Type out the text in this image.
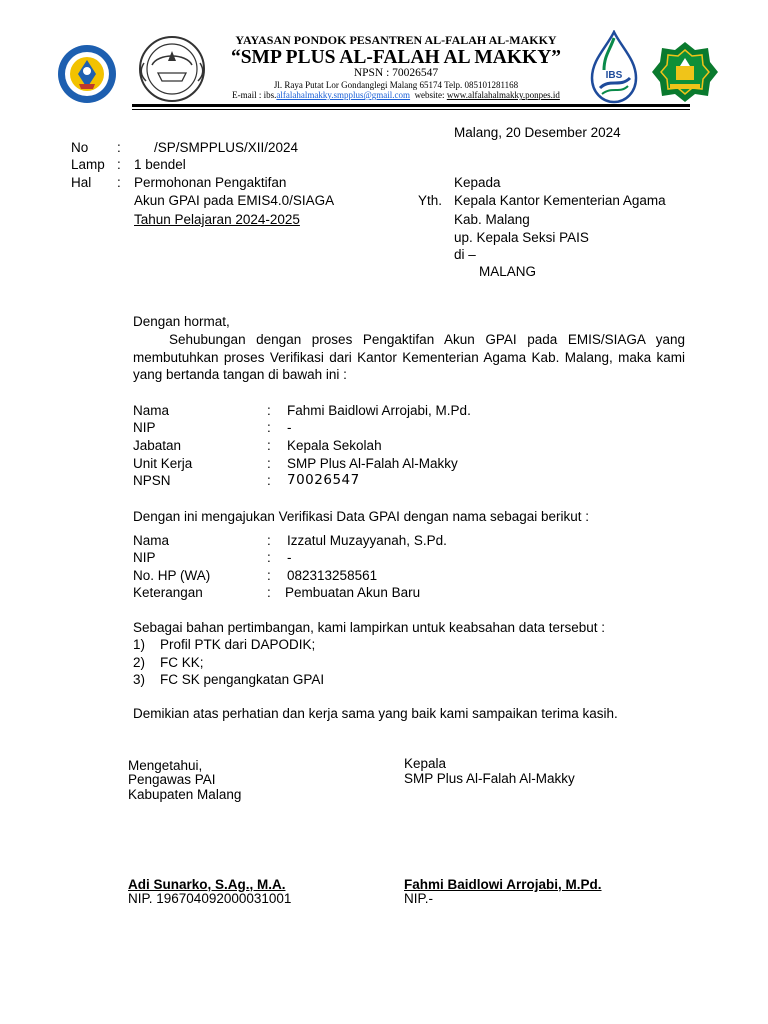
IBS
YAYASAN PONDOK PESANTREN AL-FALAH AL-MAKKY
“SMP PLUS AL-FALAH AL MAKKY”
NPSN : 70026547
Jl. Raya Putat Lor Gondanglegi Malang 65174 Telp. 085101281168
E-mail : ibs.alfalahalmakky.smpplus@gmail.com  website: www.alfalahalmakky.ponpes.id
Malang, 20 Desember 2024
No : /SP/SMPPLUS/XII/2024
Lamp : 1 bendel
Hal : Permohonan Pengaktifan
Akun GPAI pada EMIS4.0/SIAGA
Tahun Pelajaran 2024-2025
Kepada
Yth. Kepala Kantor Kementerian Agama
Kab. Malang
up. Kepala Seksi PAIS
di –
MALANG
Dengan hormat,
Sehubungan dengan proses Pengaktifan Akun GPAI pada EMIS/SIAGA yang membutuhkan proses Verifikasi dari Kantor Kementerian Agama Kab. Malang, maka kami yang bertanda tangan di bawah ini :
Nama	: Fahmi Baidlowi Arrojabi, M.Pd.
NIP	: -
Jabatan	: Kepala Sekolah
Unit Kerja	: SMP Plus Al-Falah Al-Makky
NPSN	: 70026547
Dengan ini mengajukan Verifikasi Data GPAI dengan nama sebagai berikut :
Nama	: Izzatul Muzayyanah, S.Pd.
NIP	: -
No. HP (WA)	: 082313258561
Keterangan	: Pembuatan Akun Baru
Sebagai bahan pertimbangan, kami lampirkan untuk keabsahan data tersebut :
1) Profil PTK dari DAPODIK;
2) FC KK;
3) FC SK pengangkatan GPAI
Demikian atas perhatian dan kerja sama yang baik kami sampaikan terima kasih.
Mengetahui,
Pengawas PAI
Kabupaten Malang
Adi Sunarko, S.Ag., M.A.
NIP. 196704092000031001
Kepala
SMP Plus Al-Falah Al-Makky
Fahmi Baidlowi Arrojabi, M.Pd.
NIP.-
